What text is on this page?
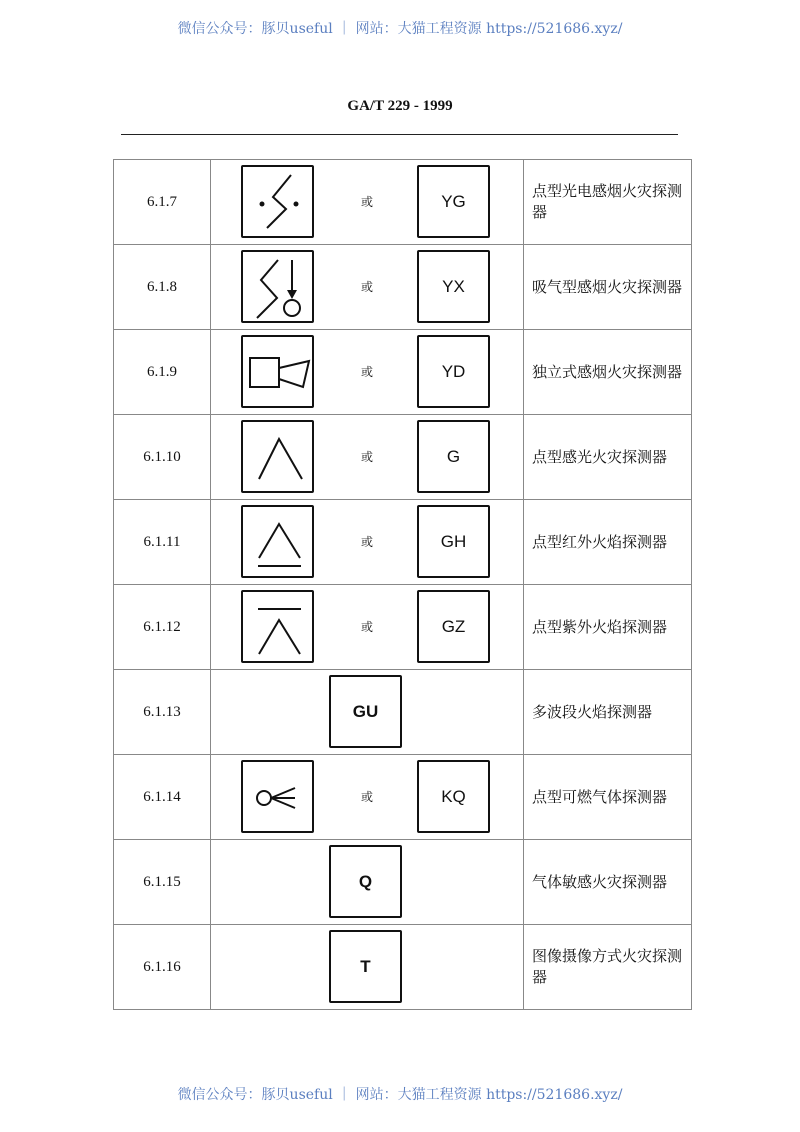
微信公众号：豚贝useful ｜ 网站：大猫工程资源 https://521686.xyz/
GA/T 229 - 1999
6.1.7	或 YG	点型光电感烟火灾探测器
6.1.8	或 YX	吸气型感烟火灾探测器
6.1.9	或 YD	独立式感烟火灾探测器
6.1.10	或 G	点型感光火灾探测器
6.1.11	或 GH	点型红外火焰探测器
6.1.12	或 GZ	点型紫外火焰探测器
6.1.13	GU	多波段火焰探测器
6.1.14	或 KQ	点型可燃气体探测器
6.1.15	Q	气体敏感火灾探测器
6.1.16	T	图像摄像方式火灾探测器
微信公众号：豚贝useful ｜ 网站：大猫工程资源 https://521686.xyz/
